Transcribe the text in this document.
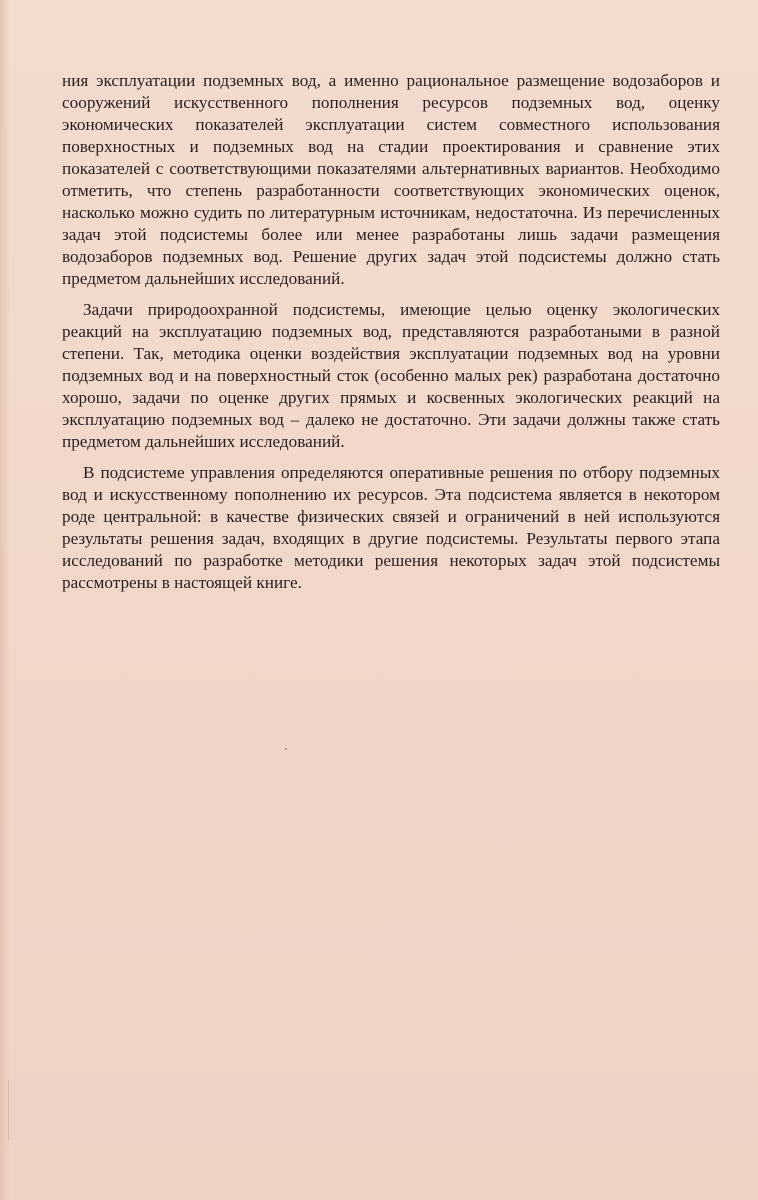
ния эксплуатации подземных вод, а именно рациональное размещение водозаборов и сооружений искусственного пополнения ресурсов подземных вод, оценку экономических показателей эксплуатации систем совместного использования поверхностных и подземных вод на стадии проектирования и сравнение этих показателей с соответствующими показателями альтернативных вариантов. Необходимо отметить, что степень разработанности соответствующих экономических оценок, насколько можно судить по литературным источникам, недостаточна. Из перечисленных задач этой подсистемы более или менее разработаны лишь задачи размещения водозаборов подземных вод. Решение других задач этой подсистемы должно стать предметом дальнейших исследований.

Задачи природоохранной подсистемы, имеющие целью оценку экологических реакций на эксплуатацию подземных вод, представляются разработаными в разной степени. Так, методика оценки воздействия эксплуатации подземных вод на уровни подземных вод и на поверхностный сток (особенно малых рек) разработана достаточно хорошо, задачи по оценке других прямых и косвенных экологических реакций на эксплуатацию подземных вод – далеко не достаточно. Эти задачи должны также стать предметом дальнейших исследований.

В подсистеме управления определяются оперативные решения по отбору подземных вод и искусственному пополнению их ресурсов. Эта подсистема является в некотором роде центральной: в качестве физических связей и ограничений в ней используются результаты решения задач, входящих в другие подсистемы. Результаты первого этапа исследований по разработке методики решения некоторых задач этой подсистемы рассмотрены в настоящей книге.
